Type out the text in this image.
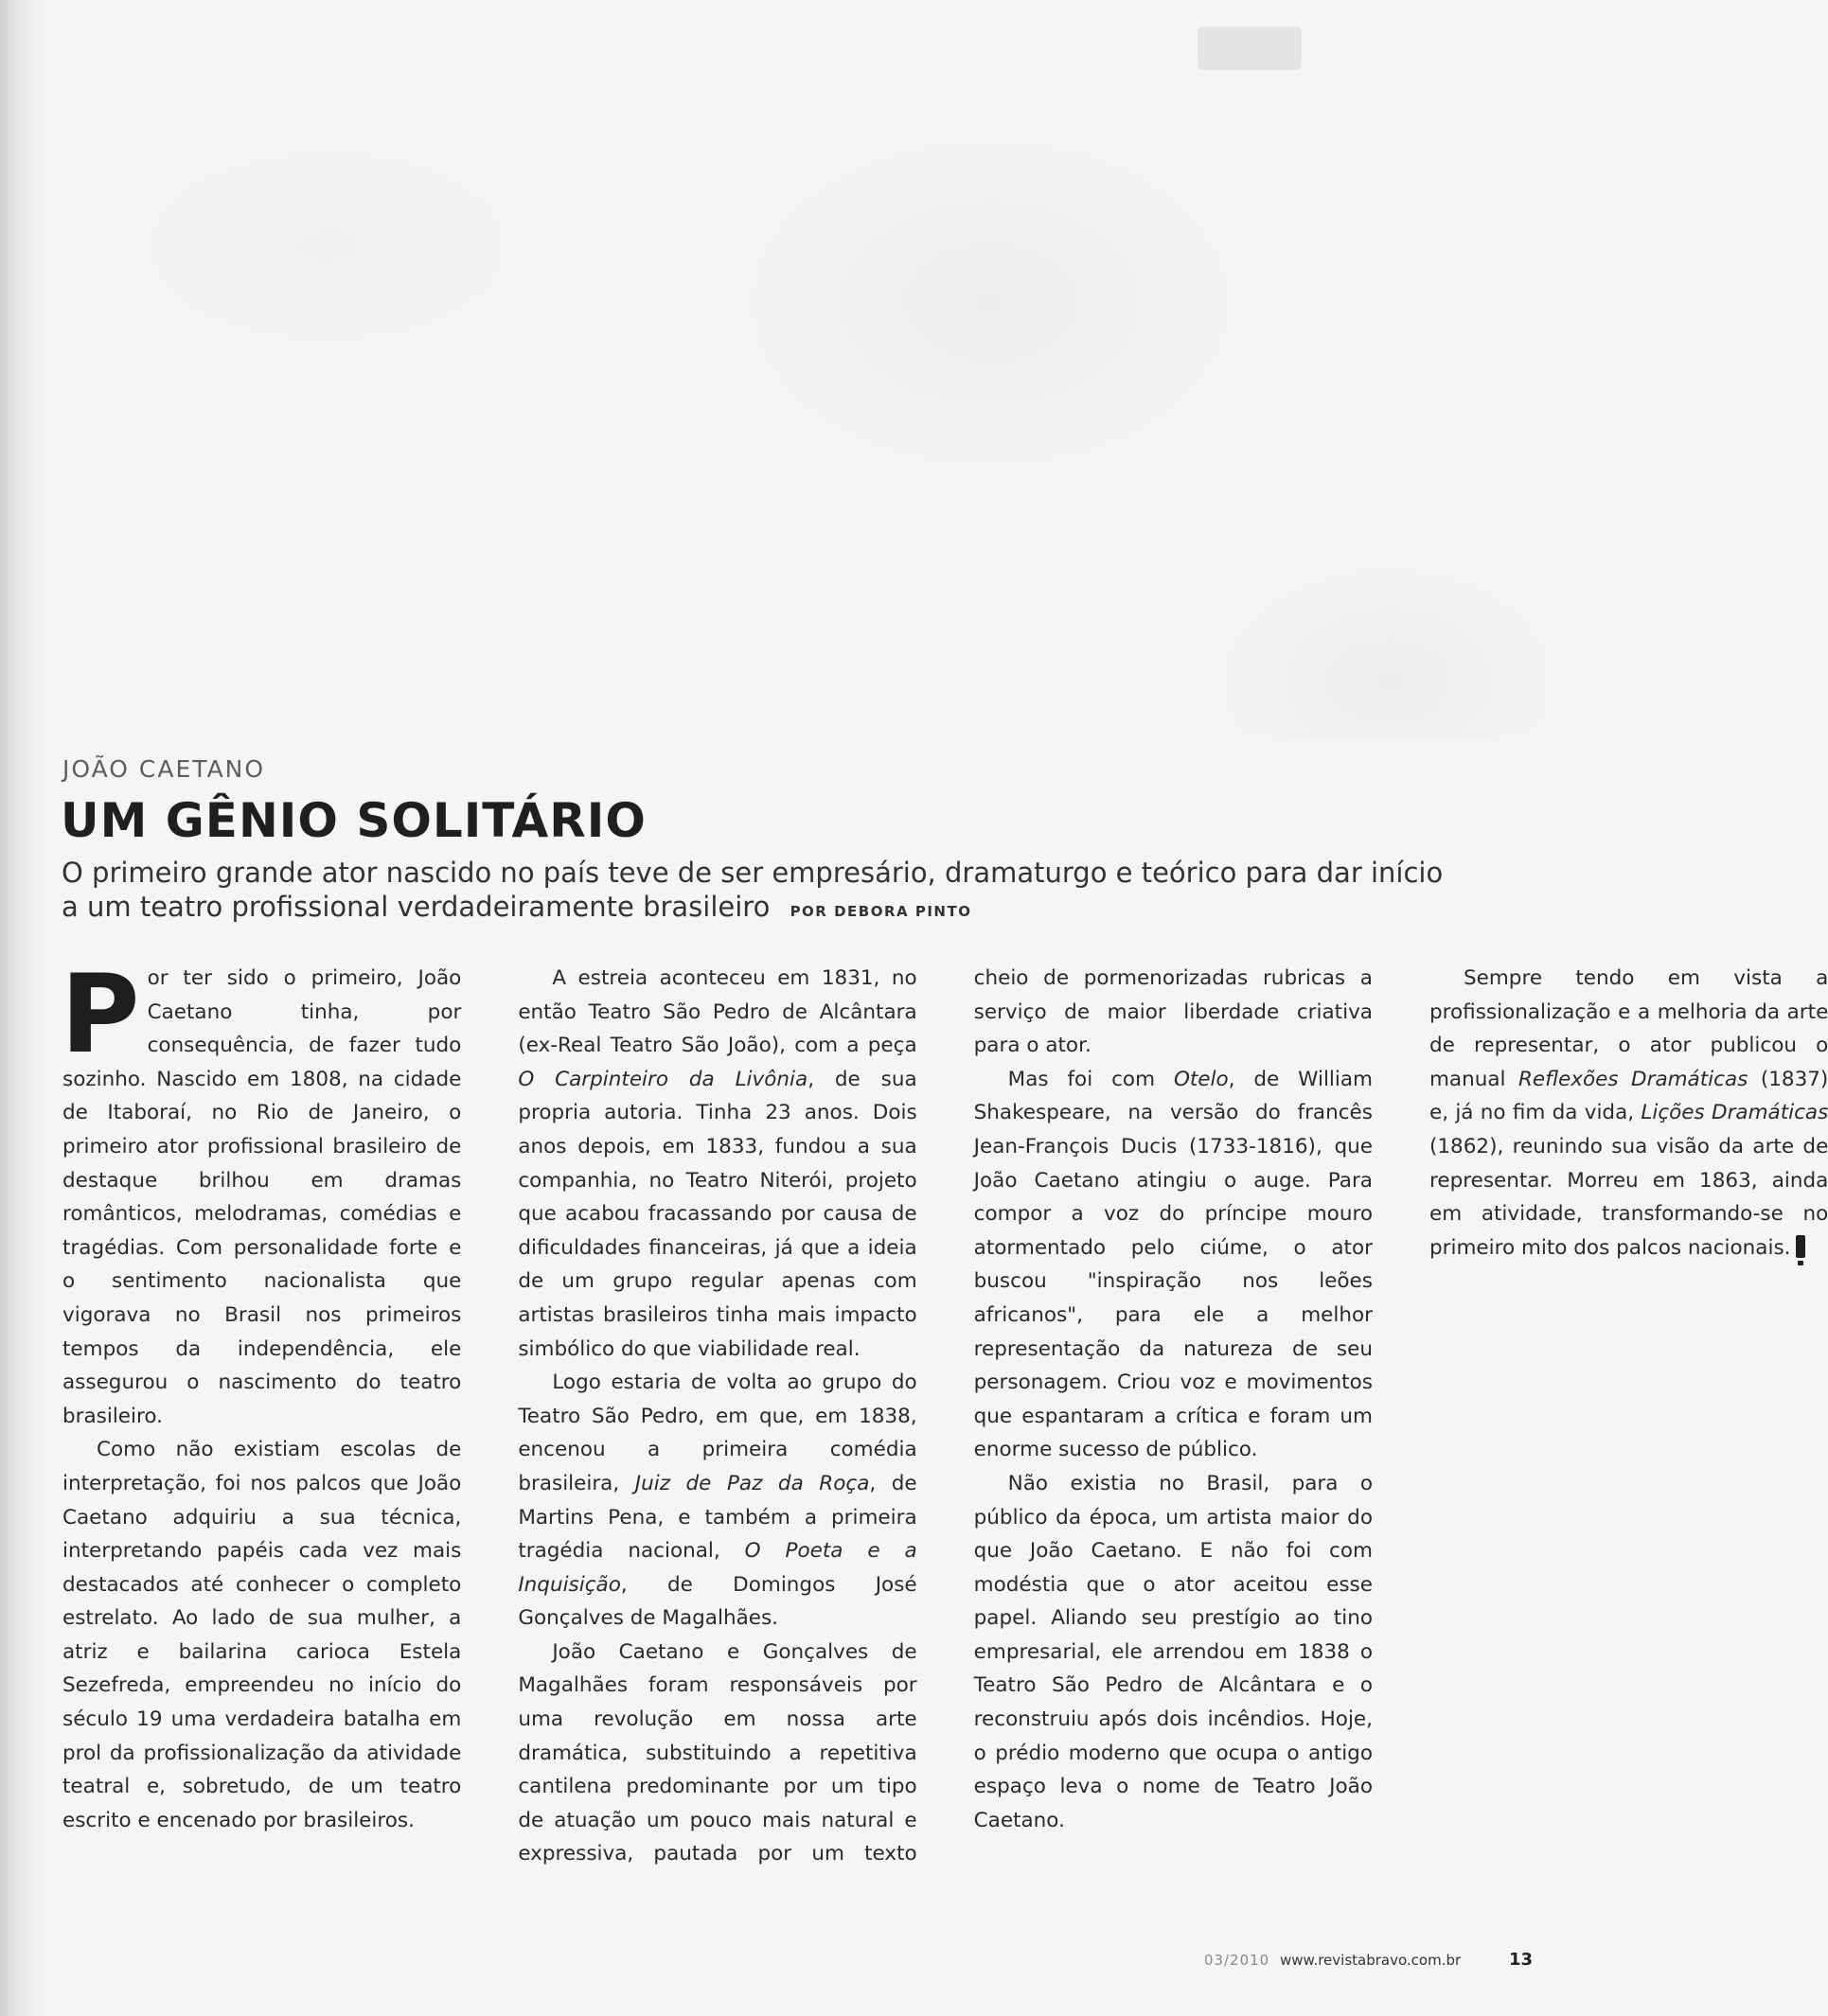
JOÃO CAETANO
UM GÊNIO SOLITÁRIO

O primeiro grande ator nascido no país teve de ser empresário, dramaturgo e teórico para dar início a um teatro profissional verdadeiramente brasileiro POR DEBORA PINTO

Por ter sido o primeiro, João Caetano tinha, por consequência, de fazer tudo sozinho. Nascido em 1808, na cidade de Itaboraí, no Rio de Janeiro, o primeiro ator profissional brasileiro de destaque brilhou em dramas românticos, melodramas, comédias e tragédias. Com personalidade forte e o sentimento nacionalista que vigorava no Brasil nos primeiros tempos da independência, ele assegurou o nascimento do teatro brasileiro.

Como não existiam escolas de interpretação, foi nos palcos que João Caetano adquiriu a sua técnica, interpretando papéis cada vez mais destacados até conhecer o completo estrelato. Ao lado de sua mulher, a atriz e bailarina carioca Estela Sezefreda, empreendeu no início do século 19 uma verdadeira batalha em prol da profissionalização da atividade teatral e, sobretudo, de um teatro escrito e encenado por brasileiros.

A estreia aconteceu em 1831, no então Teatro São Pedro de Alcântara (ex-Real Teatro São João), com a peça O Carpinteiro da Livônia, de sua propria autoria. Tinha 23 anos. Dois anos depois, em 1833, fundou a sua companhia, no Teatro Niterói, projeto que acabou fracassando por causa de dificuldades financeiras, já que a ideia de um grupo regular apenas com artistas brasileiros tinha mais impacto simbólico do que viabilidade real.

Logo estaria de volta ao grupo do Teatro São Pedro, em que, em 1838, encenou a primeira comédia brasileira, Juiz de Paz da Roça, de Martins Pena, e também a primeira tragédia nacional, O Poeta e a Inquisição, de Domingos José Gonçalves de Magalhães.

João Caetano e Gonçalves de Magalhães foram responsáveis por uma revolução em nossa arte dramática, substituindo a repetitiva cantilena predominante por um tipo de atuação um pouco mais natural e expressiva, pautada por um texto cheio de pormenorizadas rubricas a serviço de maior liberdade criativa para o ator.

Mas foi com Otelo, de William Shakespeare, na versão do francês Jean-François Ducis (1733-1816), que João Caetano atingiu o auge. Para compor a voz do príncipe mouro atormentado pelo ciúme, o ator buscou "inspiração nos leões africanos", para ele a melhor representação da natureza de seu personagem. Criou voz e movimentos que espantaram a crítica e foram um enorme sucesso de público.

Não existia no Brasil, para o público da época, um artista maior do que João Caetano. E não foi com modéstia que o ator aceitou esse papel. Aliando seu prestígio ao tino empresarial, ele arrendou em 1838 o Teatro São Pedro de Alcântara e o reconstruiu após dois incêndios. Hoje, o prédio moderno que ocupa o antigo espaço leva o nome de Teatro João Caetano.

Sempre tendo em vista a profissionalização e a melhoria da arte de representar, o ator publicou o manual Reflexões Dramáticas (1837) e, já no fim da vida, Lições Dramáticas (1862), reunindo sua visão da arte de representar. Morreu em 1863, ainda em atividade, transformando-se no primeiro mito dos palcos nacionais.

03/2010 www.revistabravo.com.br	13
